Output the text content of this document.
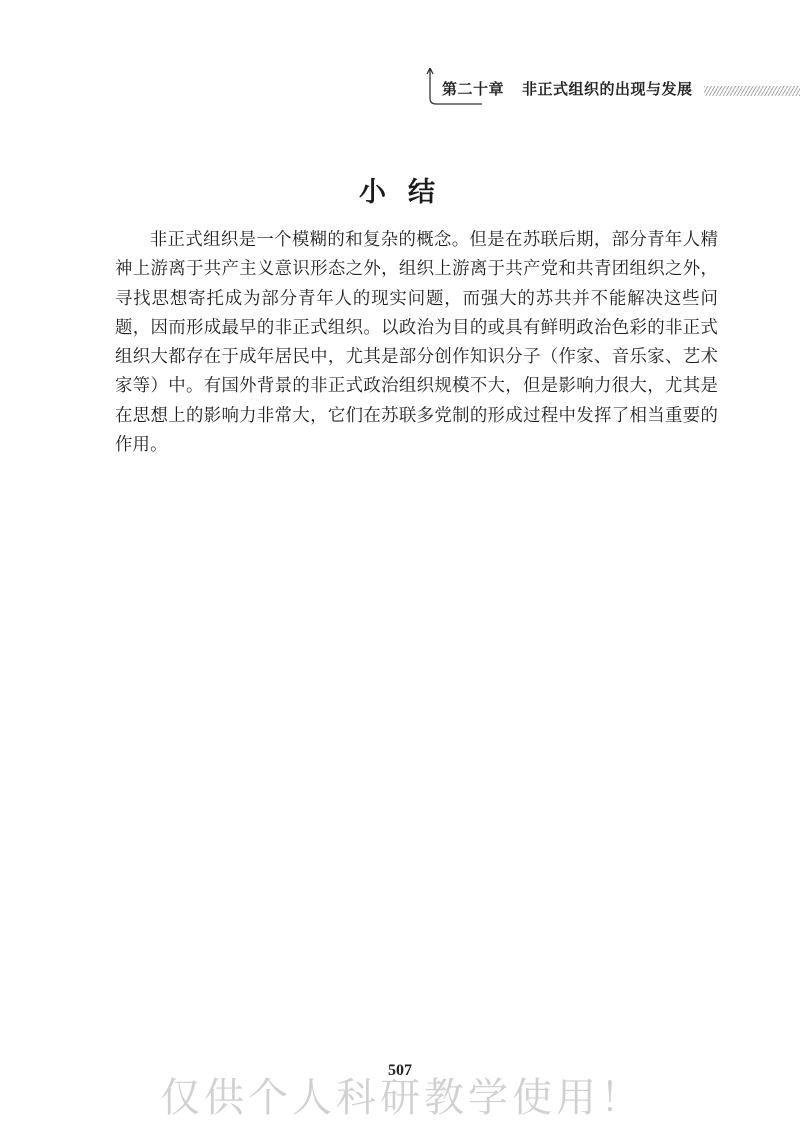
第二十章 非正式组织的出现与发展
小结

非正式组织是一个模糊的和复杂的概念。但是在苏联后期，部分青年人精神上游离于共产主义意识形态之外，组织上游离于共产党和共青团组织之外，寻找思想寄托成为部分青年人的现实问题，而强大的苏共并不能解决这些问题，因而形成最早的非正式组织。以政治为目的或具有鲜明政治色彩的非正式组织大都存在于成年居民中，尤其是部分创作知识分子（作家、音乐家、艺术家等）中。有国外背景的非正式政治组织规模不大，但是影响力很大，尤其是在思想上的影响力非常大，它们在苏联多党制的形成过程中发挥了相当重要的作用。

507
仅供个人科研教学使用！
